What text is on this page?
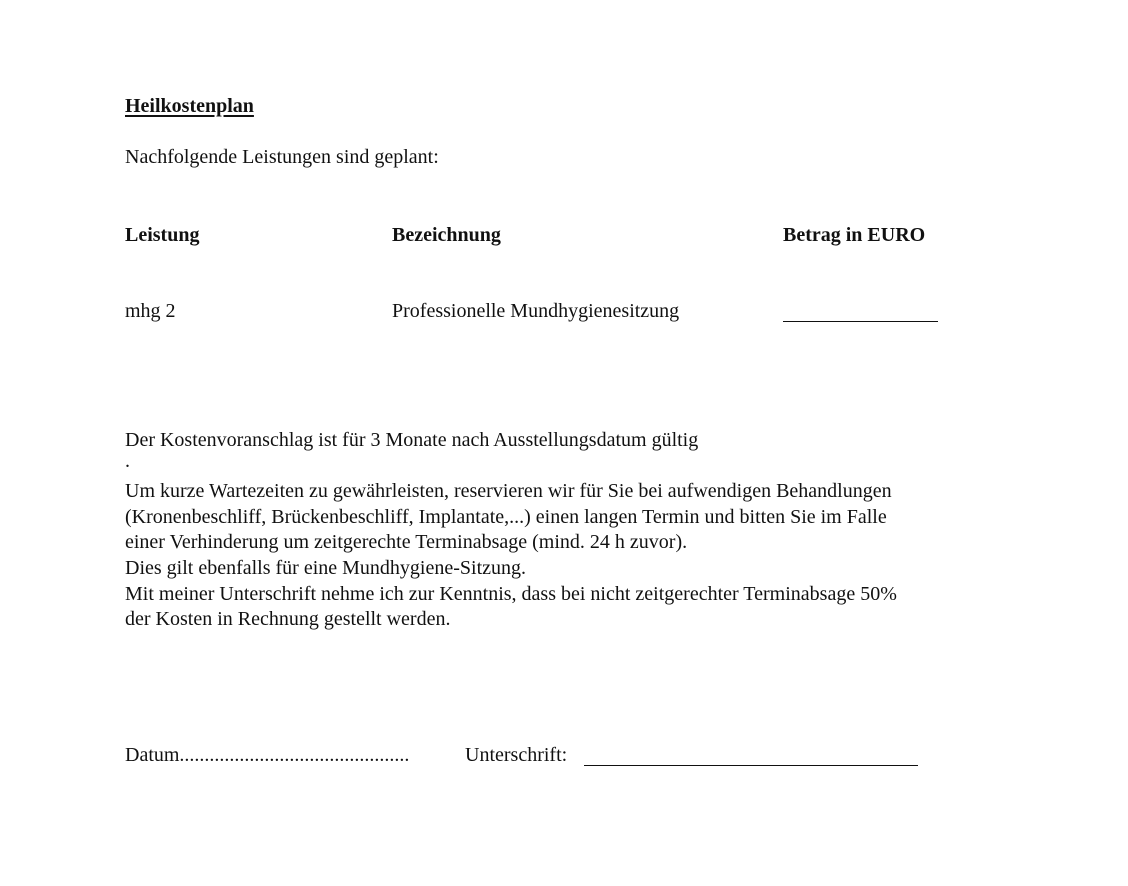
Heilkostenplan
Nachfolgende Leistungen sind geplant:
Leistung	Bezeichnung	Betrag in EURO
mhg 2	Professionelle Mundhygienesitzung
Der Kostenvoranschlag ist für 3 Monate nach Ausstellungsdatum gültig
.
Um kurze Wartezeiten zu gewährleisten, reservieren wir für Sie bei aufwendigen Behandlungen
(Kronenbeschliff, Brückenbeschliff, Implantate,...) einen langen Termin und bitten Sie im Falle
einer Verhinderung um zeitgerechte Terminabsage (mind. 24 h zuvor).
Dies gilt ebenfalls für eine Mundhygiene-Sitzung.
Mit meiner Unterschrift nehme ich zur Kenntnis, dass bei nicht zeitgerechter Terminabsage 50%
der Kosten in Rechnung gestellt werden.
Datum..............................................	Unterschrift:
